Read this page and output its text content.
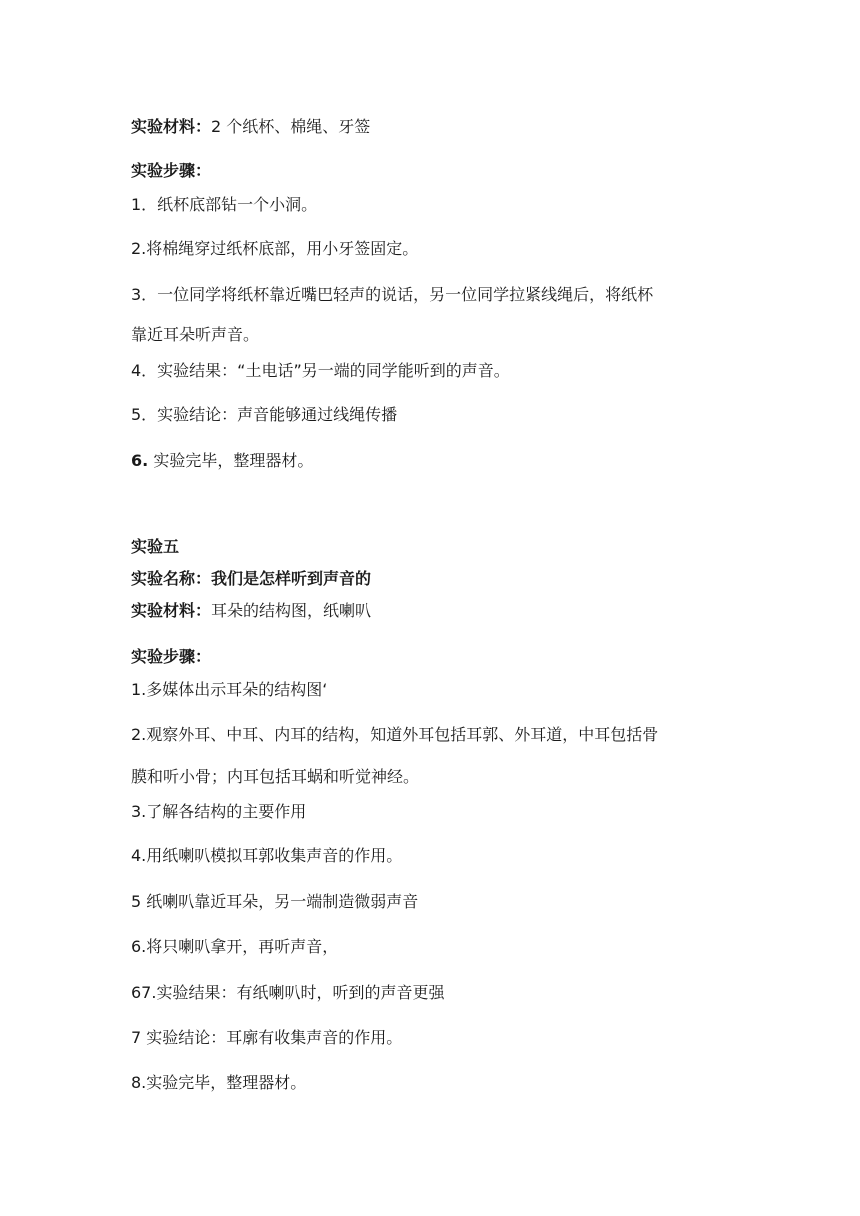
实验材料：2 个纸杯、棉绳、牙签
实验步骤：
1．纸杯底部钻一个小洞。
2.将棉绳穿过纸杯底部，用小牙签固定。
3．一位同学将纸杯靠近嘴巴轻声的说话，另一位同学拉紧线绳后，将纸杯
靠近耳朵听声音。
4．实验结果：“土电话”另一端的同学能听到的声音。
5．实验结论：声音能够通过线绳传播
6. 实验完毕，整理器材。
实验五
实验名称：我们是怎样听到声音的
实验材料：耳朵的结构图，纸喇叭
实验步骤：
1.多媒体出示耳朵的结构图‘
2.观察外耳、中耳、内耳的结构，知道外耳包括耳郭、外耳道，中耳包括骨
膜和听小骨；内耳包括耳蜗和听觉神经。
3.了解各结构的主要作用
4.用纸喇叭模拟耳郭收集声音的作用。
5 纸喇叭靠近耳朵，另一端制造微弱声音
6.将只喇叭拿开，再听声音，
67.实验结果：有纸喇叭时，听到的声音更强
7 实验结论：耳廓有收集声音的作用。
8.实验完毕，整理器材。
